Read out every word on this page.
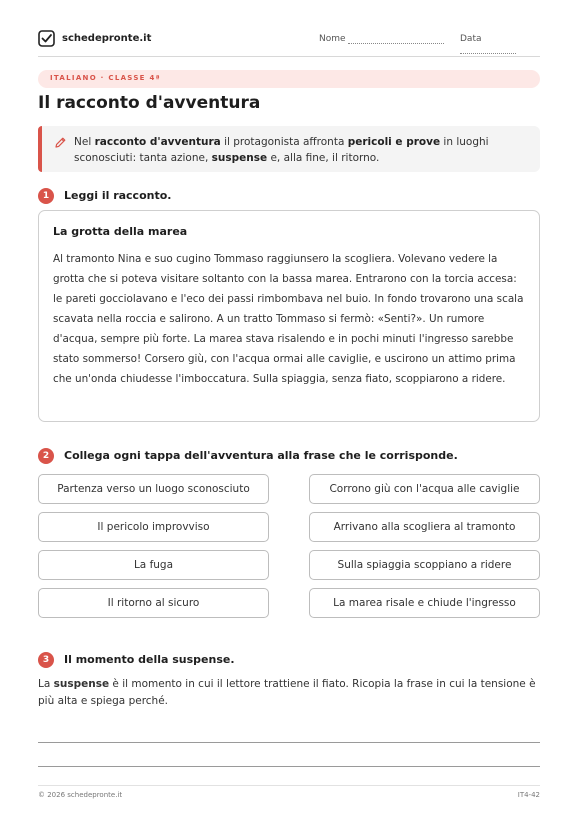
schedepronte.it	Nome	Data
ITALIANO · CLASSE 4ª
Il racconto d'avventura
Nel racconto d'avventura il protagonista affronta pericoli e prove in luoghi sconosciuti: tanta azione, suspense e, alla fine, il ritorno.
1	Leggi il racconto.
La grotta della marea
Al tramonto Nina e suo cugino Tommaso raggiunsero la scogliera. Volevano vedere la grotta che si poteva visitare soltanto con la bassa marea. Entrarono con la torcia accesa: le pareti gocciolavano e l'eco dei passi rimbombava nel buio. In fondo trovarono una scala scavata nella roccia e salirono. A un tratto Tommaso si fermò: «Senti?». Un rumore d'acqua, sempre più forte. La marea stava risalendo e in pochi minuti l'ingresso sarebbe stato sommerso! Corsero giù, con l'acqua ormai alle caviglie, e uscirono un attimo prima che un'onda chiudesse l'imboccatura. Sulla spiaggia, senza fiato, scoppiarono a ridere.
2	Collega ogni tappa dell'avventura alla frase che le corrisponde.
Partenza verso un luogo sconosciuto
Il pericolo improvviso
La fuga
Il ritorno al sicuro
Corrono giù con l'acqua alle caviglie
Arrivano alla scogliera al tramonto
Sulla spiaggia scoppiano a ridere
La marea risale e chiude l'ingresso
3	Il momento della suspense.
La suspense è il momento in cui il lettore trattiene il fiato. Ricopia la frase in cui la tensione è più alta e spiega perché.
© 2026 schedepronte.it	IT4-42
